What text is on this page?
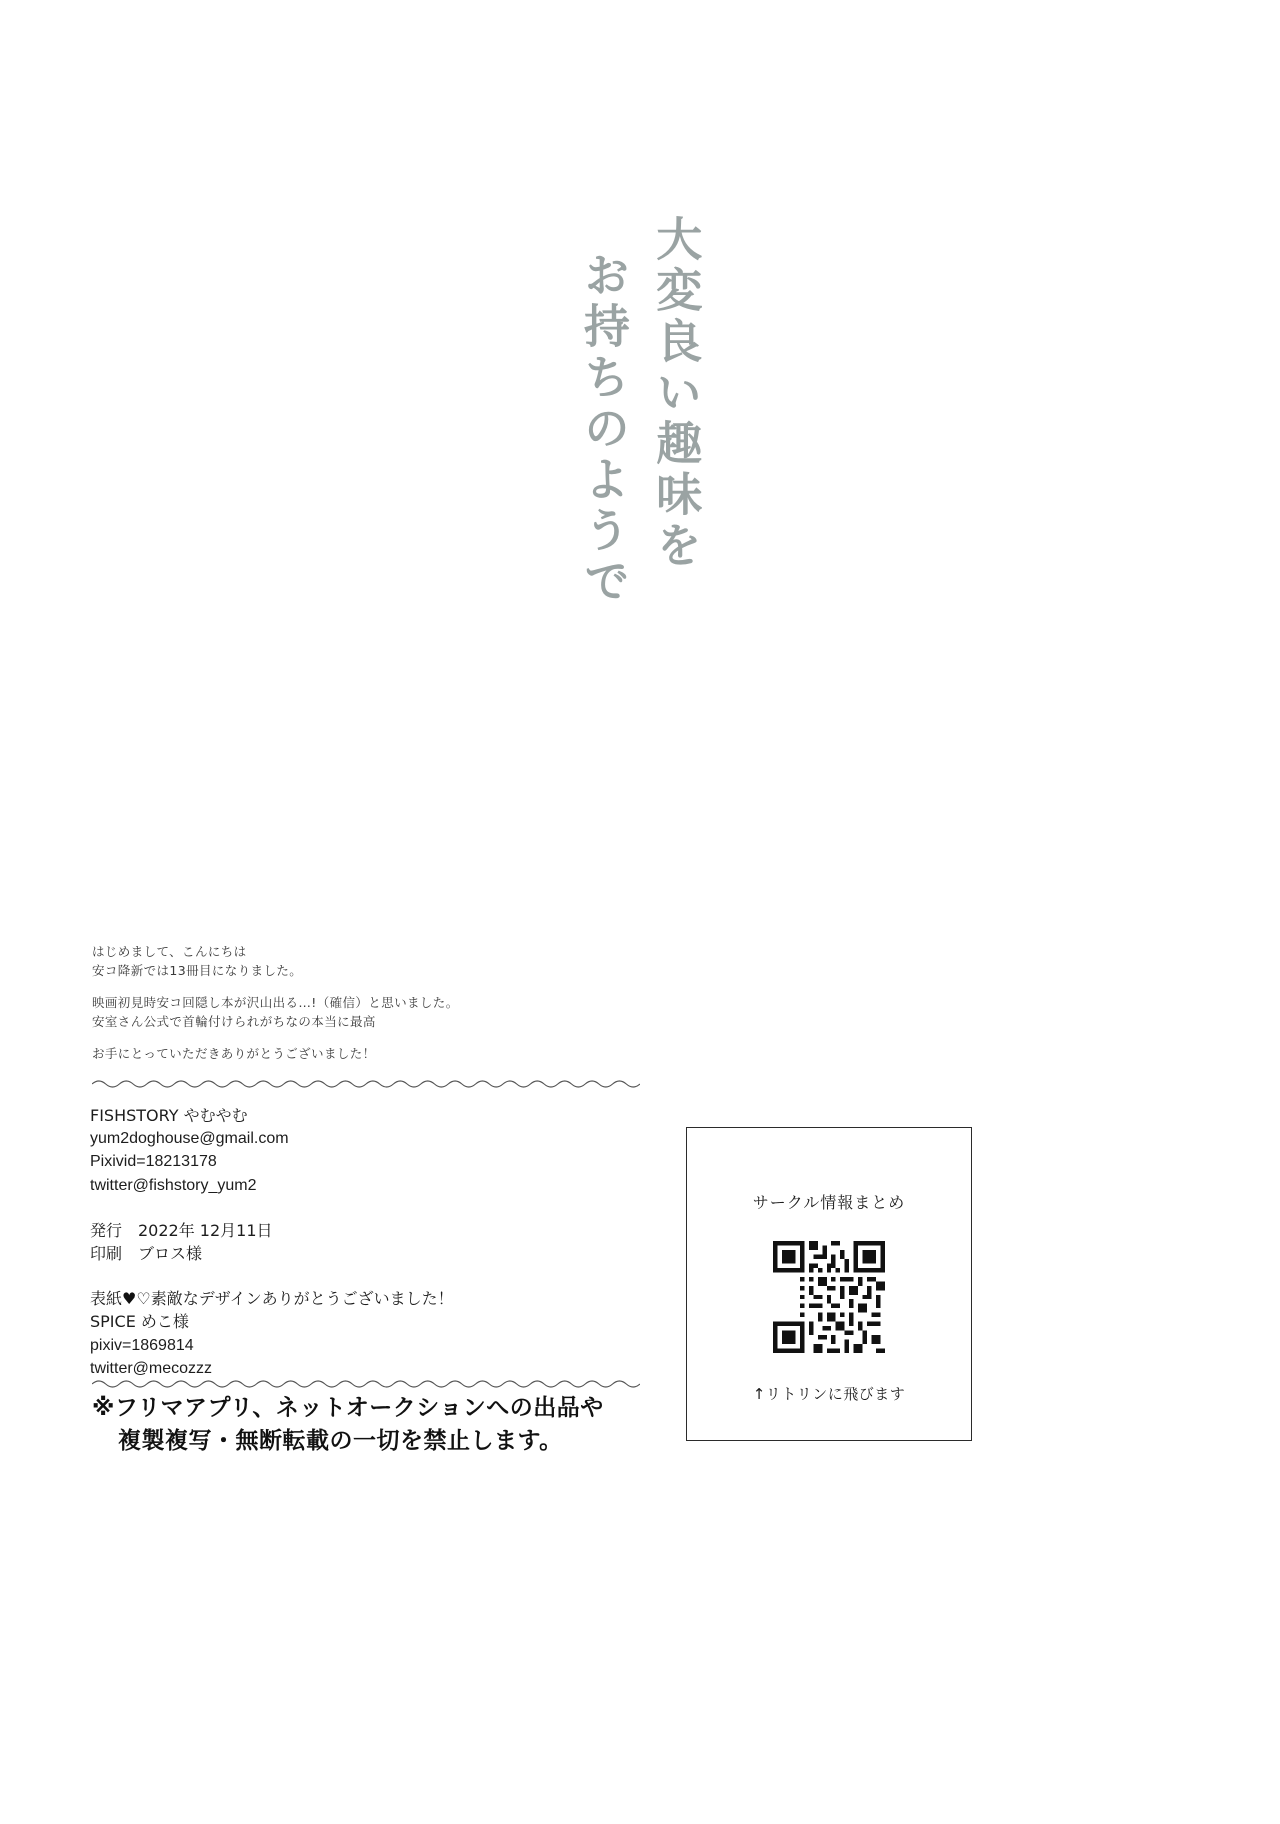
大変良い趣味を
お持ちのようで

はじめまして、こんにちは
安コ降新では13冊目になりました。

映画初見時安コ回隠し本が沢山出る…!（確信）と思いました。
安室さん公式で首輪付けられがちなの本当に最高

お手にとっていただきありがとうございました！

FISHSTORY やむやむ
yum2doghouse@gmail.com
Pixivid=18213178
twitter@fishstory_yum2
発行　2022年 12月11日
印刷　ブロス様
表紙♥♡素敵なデザインありがとうございました！
SPICE めこ様
pixiv=1869814
twitter@mecozzz
※フリマアプリ、ネットオークションへの出品や
複製複写・無断転載の一切を禁止します。
サークル情報まとめ
↑リトリンに飛びます
